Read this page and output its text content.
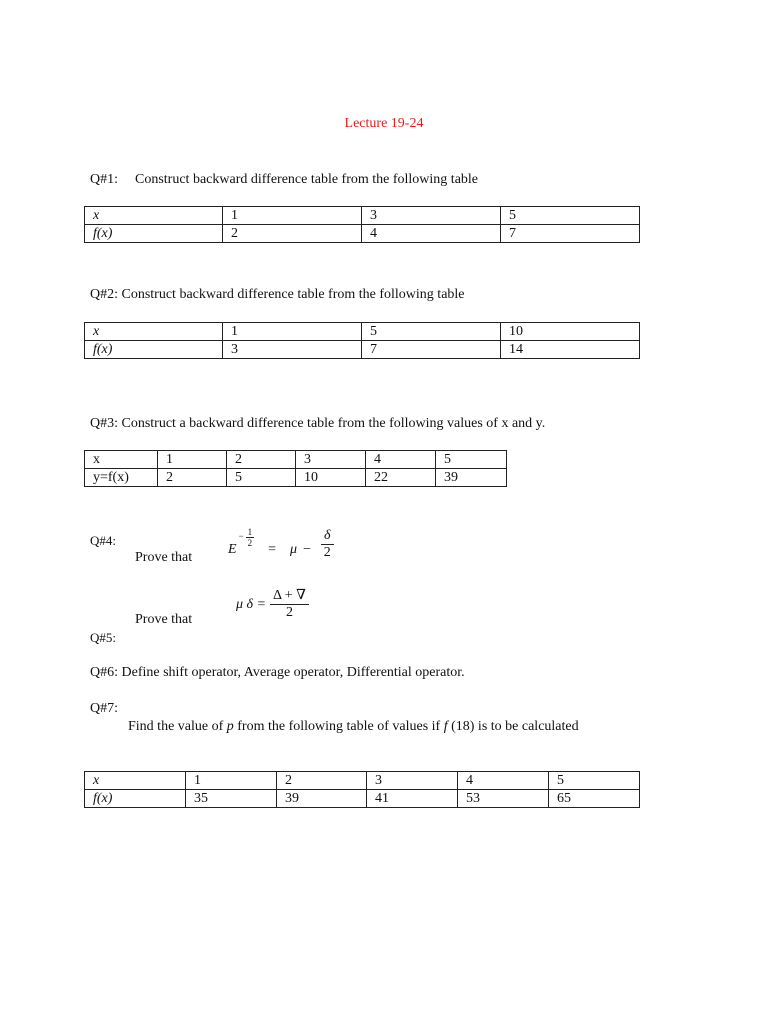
Lecture 19-24
Q#1: Construct backward difference table from the following table
x	1	3	5
f(x)	2	4	7
Q#2: Construct backward difference table from the following table
x	1	5	10
f(x)	3	7	14
Q#3: Construct a backward difference table from the following values of x and y.
x	1	2	3	4	5
y=f(x)	2	5	10	22	39
Q#4:
Prove that
E
− $\frac{1}{2}$
= $\mu - \frac{\delta}{2}$
Prove that
μ $\delta = \frac{\Delta + \nabla}{2}$
Q#5:
Q#6: Define shift operator, Average operator, Differential operator.
Q#7:
Find the value of p from the following table of values if f (18) is to be calculated
x	1	2	3	4	5
f(x)	35	39	41	53	65
